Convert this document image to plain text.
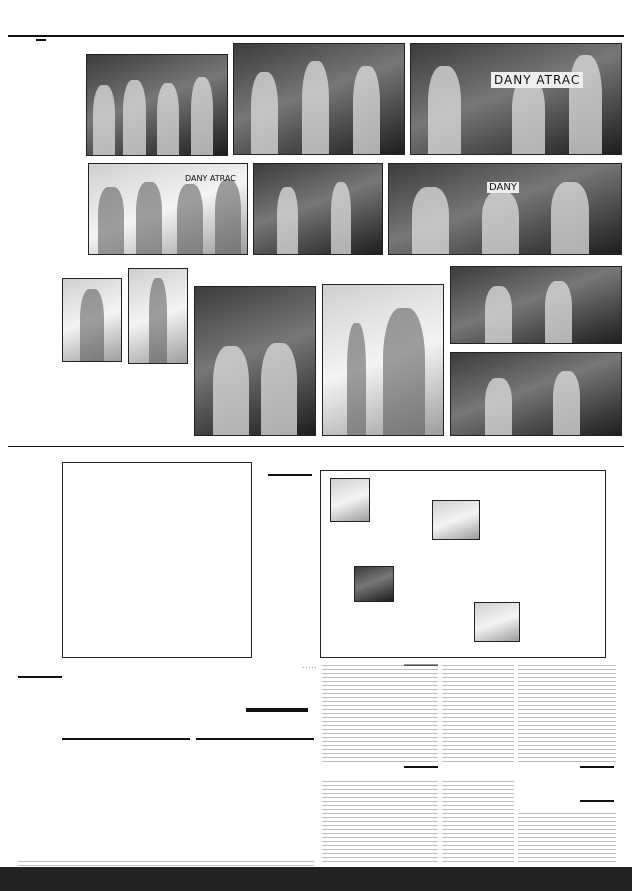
DANY ATRAC
DANY
DANY ATRAC
، ، ، ، ،
